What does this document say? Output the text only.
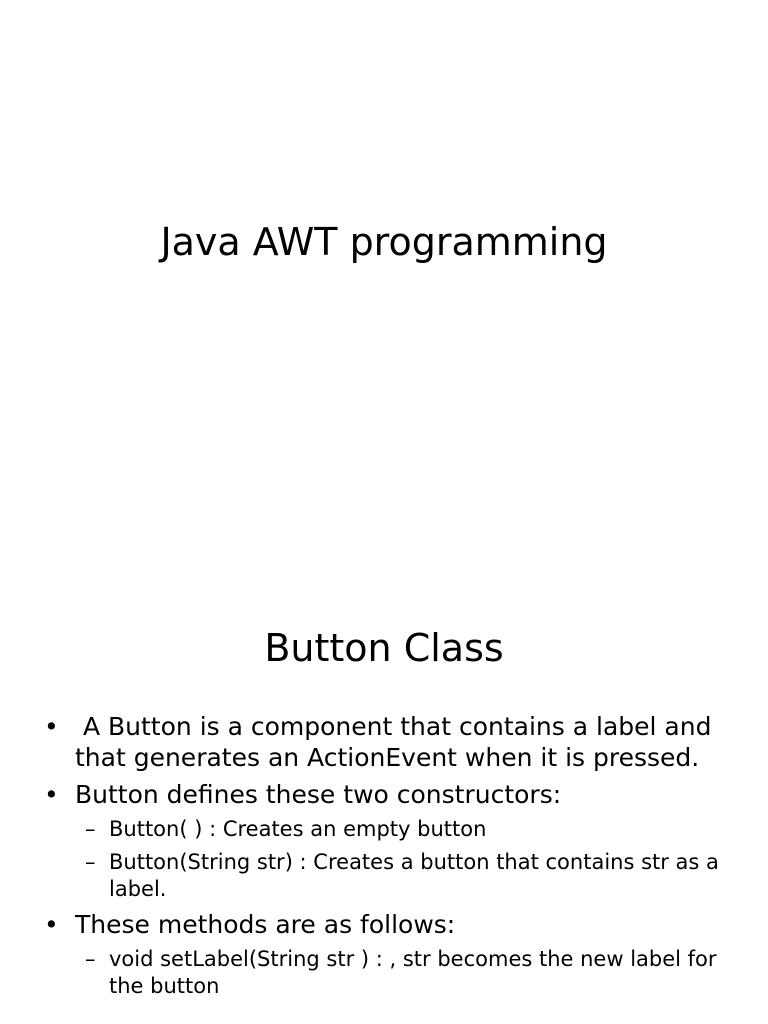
Java AWT programming
Button Class
• A Button is a component that contains a label and that generates an ActionEvent when it is pressed.
• Button defines these two constructors:
– Button( ) : Creates an empty button
– Button(String str) : Creates a button that contains str as a label.
• These methods are as follows:
– void setLabel(String str ) : , str becomes the new label for the button
